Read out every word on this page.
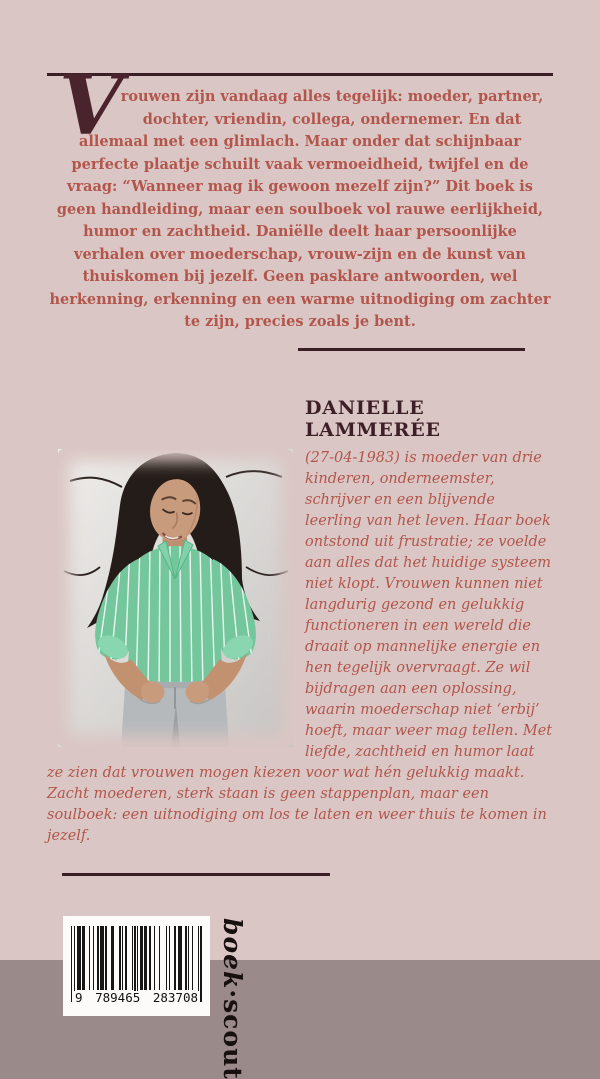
V

rouwen zijn vandaag alles tegelijk: moeder, partner, dochter, vriendin, collega, ondernemer. En dat allemaal met een glimlach. Maar onder dat schijnbaar perfecte plaatje schuilt vaak vermoeidheid, twijfel en de vraag: “Wanneer mag ik gewoon mezelf zijn?” Dit boek is geen handleiding, maar een soulboek vol rauwe eerlijkheid, humor en zachtheid. Daniëlle deelt haar persoonlijke verhalen over moederschap, vrouw-zijn en de kunst van thuiskomen bij jezelf. Geen pasklare antwoorden, wel herkenning, erkenning en een warme uitnodiging om zachter te zijn, precies zoals je bent.

DANIELLE LAMMERÉE

(27-04-1983) is moeder van drie kinderen, onderneemster, schrijver en een blijvende leerling van het leven. Haar boek ontstond uit frustratie; ze voelde aan alles dat het huidige systeem niet klopt. Vrouwen kunnen niet langdurig gezond en gelukkig functioneren in een wereld die draait op mannelijke energie en hen tegelijk overvraagt. Ze wil bijdragen aan een oplossing, waarin moederschap niet ‘erbij’ hoeft, maar weer mag tellen. Met liefde, zachtheid en humor laat ze zien dat vrouwen mogen kiezen voor wat hén gelukkig maakt. Zacht moederen, sterk staan is geen stappenplan, maar een soulboek: een uitnodiging om los te laten en weer thuis te komen in jezelf.

9 789465 283708
boek·scout
